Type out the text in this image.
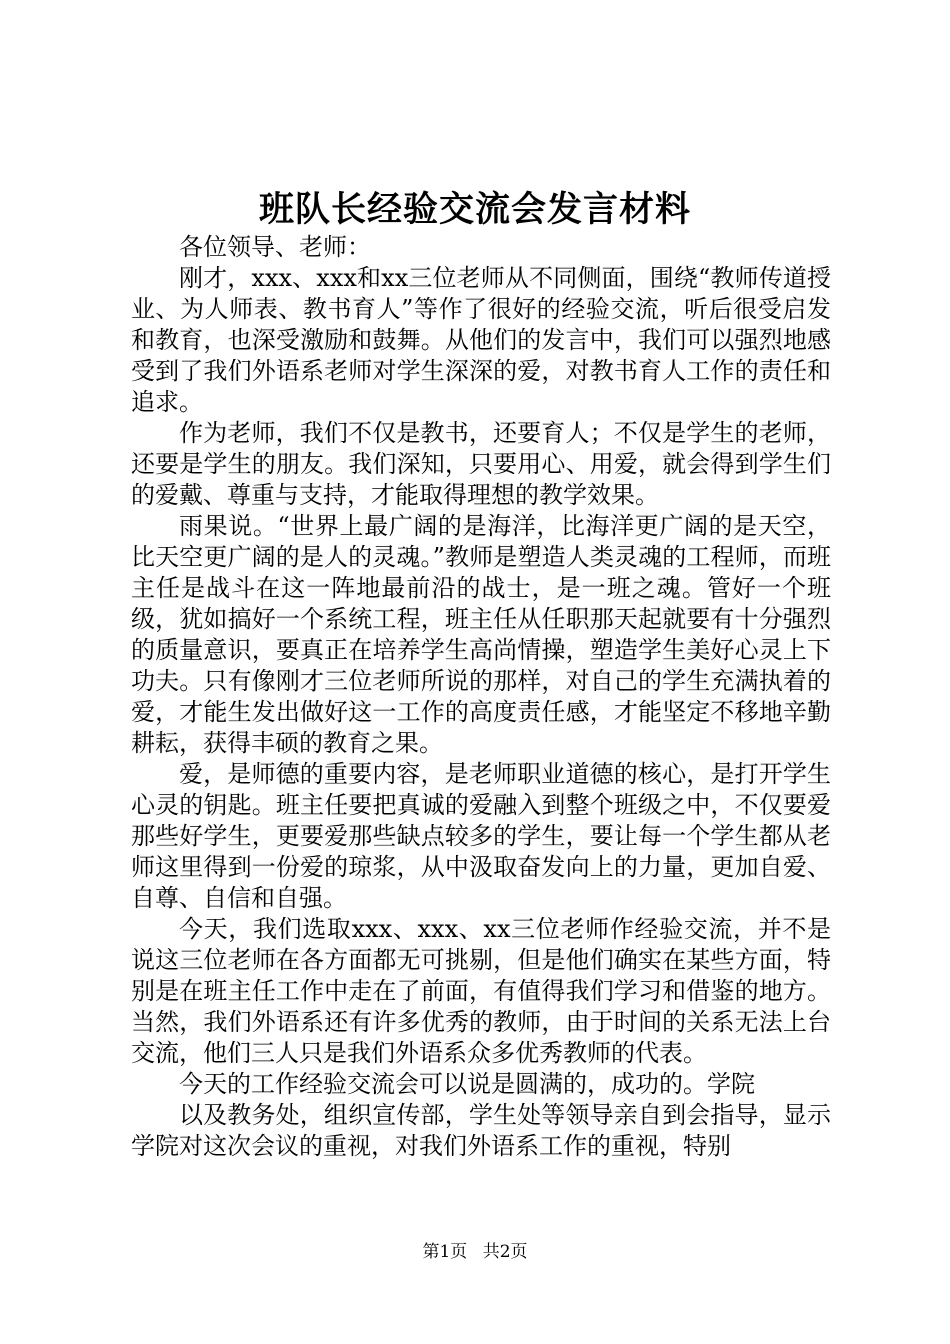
班队长经验交流会发言材料

各位领导、老师：

刚才，xxx、xxx和xx三位老师从不同侧面，围绕“教师传道授业、为人师表、教书育人”等作了很好的经验交流，听后很受启发和教育，也深受激励和鼓舞。从他们的发言中，我们可以强烈地感受到了我们外语系老师对学生深深的爱，对教书育人工作的责任和追求。

作为老师，我们不仅是教书，还要育人；不仅是学生的老师，还要是学生的朋友。我们深知，只要用心、用爱，就会得到学生们的爱戴、尊重与支持，才能取得理想的教学效果。

雨果说。“世界上最广阔的是海洋，比海洋更广阔的是天空，比天空更广阔的是人的灵魂。”教师是塑造人类灵魂的工程师，而班主任是战斗在这一阵地最前沿的战士，是一班之魂。管好一个班级，犹如搞好一个系统工程，班主任从任职那天起就要有十分强烈的质量意识，要真正在培养学生高尚情操，塑造学生美好心灵上下功夫。只有像刚才三位老师所说的那样，对自己的学生充满执着的爱，才能生发出做好这一工作的高度责任感，才能坚定不移地辛勤耕耘，获得丰硕的教育之果。

爱，是师德的重要内容，是老师职业道德的核心，是打开学生心灵的钥匙。班主任要把真诚的爱融入到整个班级之中，不仅要爱那些好学生，更要爱那些缺点较多的学生，要让每一个学生都从老师这里得到一份爱的琼浆，从中汲取奋发向上的力量，更加自爱、自尊、自信和自强。

今天，我们选取xxx、xxx、xx三位老师作经验交流，并不是说这三位老师在各方面都无可挑剔，但是他们确实在某些方面，特别是在班主任工作中走在了前面，有值得我们学习和借鉴的地方。当然，我们外语系还有许多优秀的教师，由于时间的关系无法上台交流，他们三人只是我们外语系众多优秀教师的代表。

今天的工作经验交流会可以说是圆满的，成功的。学院

以及教务处，组织宣传部，学生处等领导亲自到会指导，显示学院对这次会议的重视，对我们外语系工作的重视，特别

第1页 共2页
